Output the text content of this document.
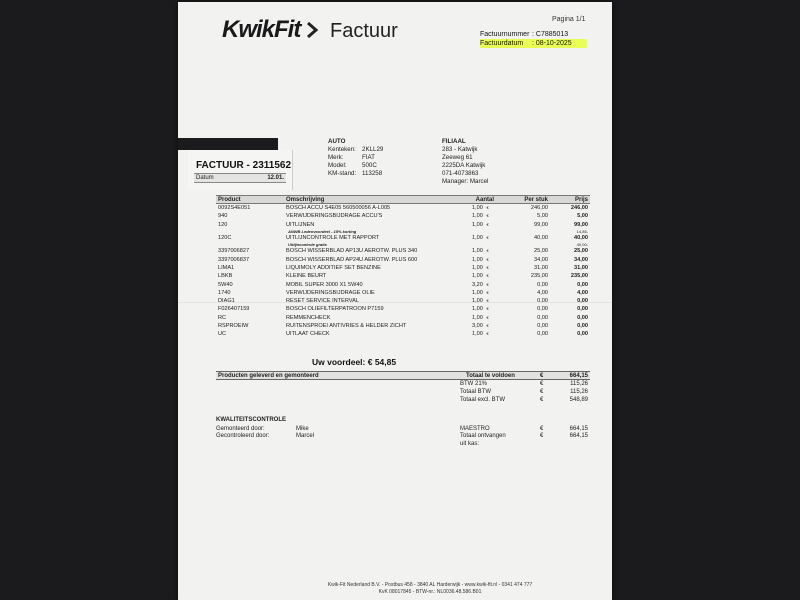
FACTUUR - 2311562
Datum	12.01.
KwikFit Factuur
Pagina 1/1
Factuurnummer : C7885013
Factuurdatum	: 08-10-2025
AUTO
Kenteken: 2KLL29
Merk:	FIAT
Model:	500C
KM-stand: 113258
FILIAAL
283 - Katwijk
Zeeweg 61
2225DA Katwijk
071-4073863
Manager: Marcel
Product	Omschrijving	Aantal	Per stuk	Prijs
0092S4E051	BOSCH ACCU S4E05 560500056 A-L005	1,00 €	246,00	246,00
940	VERWIJDERINGSBIJDRAGE ACCU'S	1,00 €	5,00	5,00
120	UITLIJNEN	1,00 €	99,00	99,00
ANWB Ledenvoordeel - 15% korting	14,85-
120C	UITLIJNCONTROLE MET RAPPORT	1,00 €	40,00	40,00
Uitlijncontrole gratis	40,00-
3397006827	BOSCH WISSERBLAD AP13U AEROTW. PLUS 340	1,00 €	25,00	25,00
3397006837	BOSCH WISSERBLAD AP24U AEROTW. PLUS 600	1,00 €	34,00	34,00
LIMA1	LIQUIMOLY ADDITIEF SET BENZINE	1,00 €	31,00	31,00
LBKB	KLEINE BEURT	1,00 €	235,00	235,00
5W40	MOBIL SUPER 3000 X1 5W40	3,20 €	0,00	0,00
1740	VERWIJDERINGSBIJDRAGE OLIE	1,00 €	4,00	4,00
DIAG1	RESET SERVICE INTERVAL	1,00 €	0,00	0,00
F026407159	BOSCH OLIEFILTERPATROON P7159	1,00 €	0,00	0,00
RC	REMMENCHECK	1,00 €	0,00	0,00
RSPROEIW	RUITENSPROEI ANTIVRIES & HELDER ZICHT	3,00 €	0,00	0,00
UC	UITLAAT CHECK	1,00 €	0,00	0,00
Uw voordeel: € 54,85
Producten geleverd en gemonteerd	Totaal te voldoen	€	664,15
BTW 21%	€	115,26
Totaal BTW	€	115,26
Totaal excl. BTW	€	548,89
KWALITEITSCONTROLE
Gemonteerd door:	Mike	MAESTRO	€	664,15
Gecontroleerd door:	Marcel	Totaal ontvangen	€	664,15
uit kas:
Kwik-Fit Nederland B.V. - Postbus 458 - 3840 AL Harderwijk - www.kwik-fit.nl - 0341 474 777
KvK 08017845 - BTW-nr.: NL0036.48.586.B01
